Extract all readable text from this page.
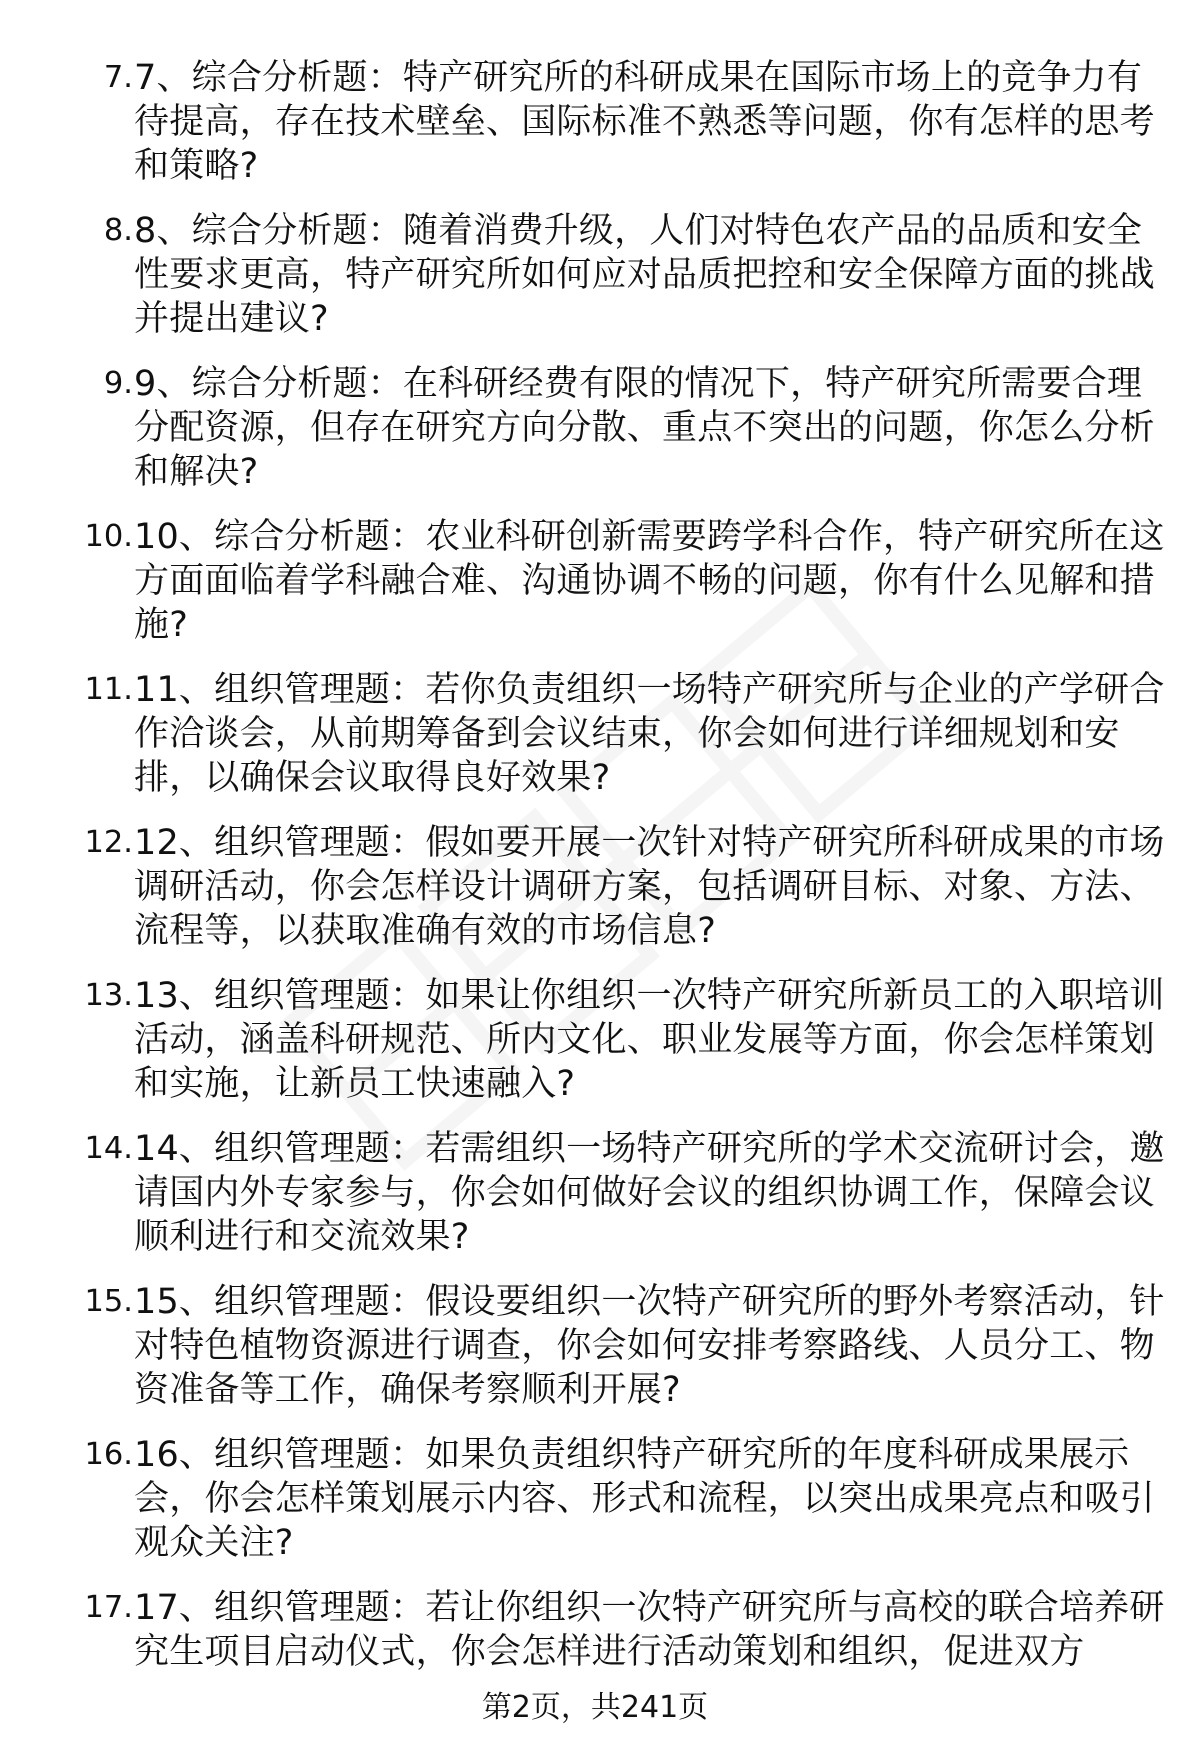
7. 7、综合分析题：特产研究所的科研成果在国际市场上的竞争力有待提高，存在技术壁垒、国际标准不熟悉等问题，你有怎样的思考和策略?
8. 8、综合分析题：随着消费升级，人们对特色农产品的品质和安全性要求更高，特产研究所如何应对品质把控和安全保障方面的挑战并提出建议?
9. 9、综合分析题：在科研经费有限的情况下，特产研究所需要合理分配资源，但存在研究方向分散、重点不突出的问题，你怎么分析和解决?
10. 10、综合分析题：农业科研创新需要跨学科合作，特产研究所在这方面面临着学科融合难、沟通协调不畅的问题，你有什么见解和措施?
11. 11、组织管理题：若你负责组织一场特产研究所与企业的产学研合作洽谈会，从前期筹备到会议结束，你会如何进行详细规划和安排，以确保会议取得良好效果?
12. 12、组织管理题：假如要开展一次针对特产研究所科研成果的市场调研活动，你会怎样设计调研方案，包括调研目标、对象、方法、流程等，以获取准确有效的市场信息?
13. 13、组织管理题：如果让你组织一次特产研究所新员工的入职培训活动，涵盖科研规范、所内文化、职业发展等方面，你会怎样策划和实施，让新员工快速融入?
14. 14、组织管理题：若需组织一场特产研究所的学术交流研讨会，邀请国内外专家参与，你会如何做好会议的组织协调工作，保障会议顺利进行和交流效果?
15. 15、组织管理题：假设要组织一次特产研究所的野外考察活动，针对特色植物资源进行调查，你会如何安排考察路线、人员分工、物资准备等工作，确保考察顺利开展?
16. 16、组织管理题：如果负责组织特产研究所的年度科研成果展示会，你会怎样策划展示内容、形式和流程，以突出成果亮点和吸引观众关注?
17. 17、组织管理题：若让你组织一次特产研究所与高校的联合培养研究生项目启动仪式，你会怎样进行活动策划和组织，促进双方
第2页，共241页
